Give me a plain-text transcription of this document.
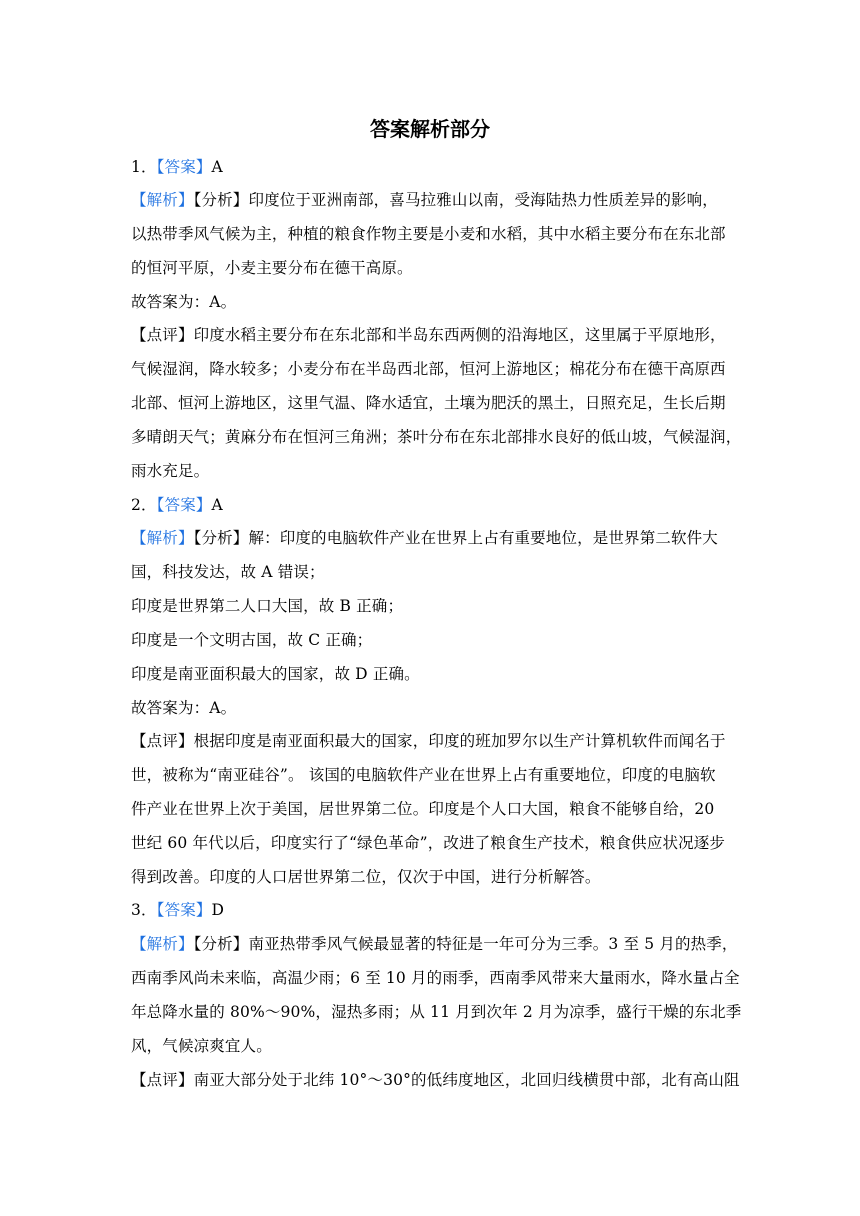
答案解析部分
1．【答案】A
【解析】【分析】印度位于亚洲南部，喜马拉雅山以南，受海陆热力性质差异的影响，
以热带季风气候为主，种植的粮食作物主要是小麦和水稻，其中水稻主要分布在东北部
的恒河平原，小麦主要分布在德干高原。
故答案为：A。
【点评】印度水稻主要分布在东北部和半岛东西两侧的沿海地区，这里属于平原地形，
气候湿润，降水较多；小麦分布在半岛西北部，恒河上游地区；棉花分布在德干高原西
北部、恒河上游地区，这里气温、降水适宜，土壤为肥沃的黑土，日照充足，生长后期
多晴朗天气；黄麻分布在恒河三角洲；茶叶分布在东北部排水良好的低山坡，气候湿润，
雨水充足。
2．【答案】A
【解析】【分析】解：印度的电脑软件产业在世界上占有重要地位，是世界第二软件大
国，科技发达，故 A 错误；
印度是世界第二人口大国，故 B 正确；
印度是一个文明古国，故 C 正确；
印度是南亚面积最大的国家，故 D 正确。
故答案为：A。
【点评】根据印度是南亚面积最大的国家，印度的班加罗尔以生产计算机软件而闻名于
世，被称为“南亚硅谷”。 该国的电脑软件产业在世界上占有重要地位，印度的电脑软
件产业在世界上次于美国，居世界第二位。印度是个人口大国，粮食不能够自给，20
世纪 60 年代以后，印度实行了“绿色革命”，改进了粮食生产技术，粮食供应状况逐步
得到改善。印度的人口居世界第二位，仅次于中国，进行分析解答。
3．【答案】D
【解析】【分析】南亚热带季风气候最显著的特征是一年可分为三季。3 至 5 月的热季，
西南季风尚未来临，高温少雨；6 至 10 月的雨季，西南季风带来大量雨水，降水量占全
年总降水量的 80%～90%，湿热多雨；从 11 月到次年 2 月为凉季，盛行干燥的东北季
风，气候凉爽宜人。
【点评】南亚大部分处于北纬 10°～30°的低纬度地区，北回归线横贯中部，北有高山阻
